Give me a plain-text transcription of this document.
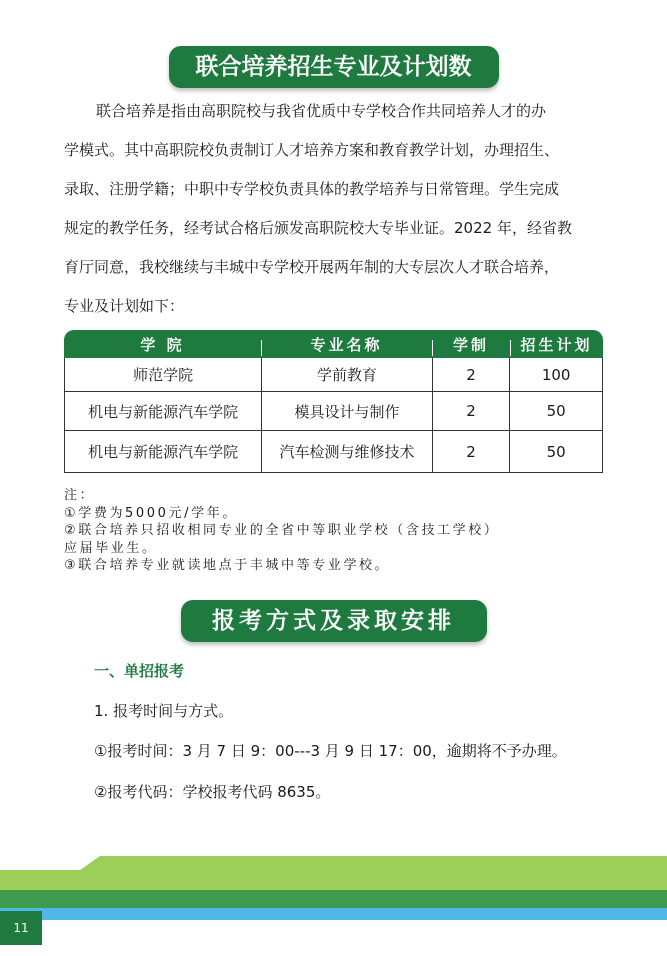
联合培养招生专业及计划数
联合培养是指由高职院校与我省优质中专学校合作共同培养人才的办
学模式。其中高职院校负责制订人才培养方案和教育教学计划，办理招生、
录取、注册学籍；中职中专学校负责具体的教学培养与日常管理。学生完成
规定的教学任务，经考试合格后颁发高职院校大专毕业证。2022 年，经省教
育厅同意，我校继续与丰城中专学校开展两年制的大专层次人才联合培养，
专业及计划如下：
学 院	专业名称	学制	招生计划
师范学院	学前教育	2	100
机电与新能源汽车学院	模具设计与制作	2	50
机电与新能源汽车学院	汽车检测与维修技术	2	50
注：
①学费为5000元/学年。
②联合培养只招收相同专业的全省中等职业学校（含技工学校）
应届毕业生。
③联合培养专业就读地点于丰城中等专业学校。
报考方式及录取安排
一、单招报考
1. 报考时间与方式。
①报考时间：3 月 7 日 9：00---3 月 9 日 17：00，逾期将不予办理。
②报考代码：学校报考代码 8635。
11
